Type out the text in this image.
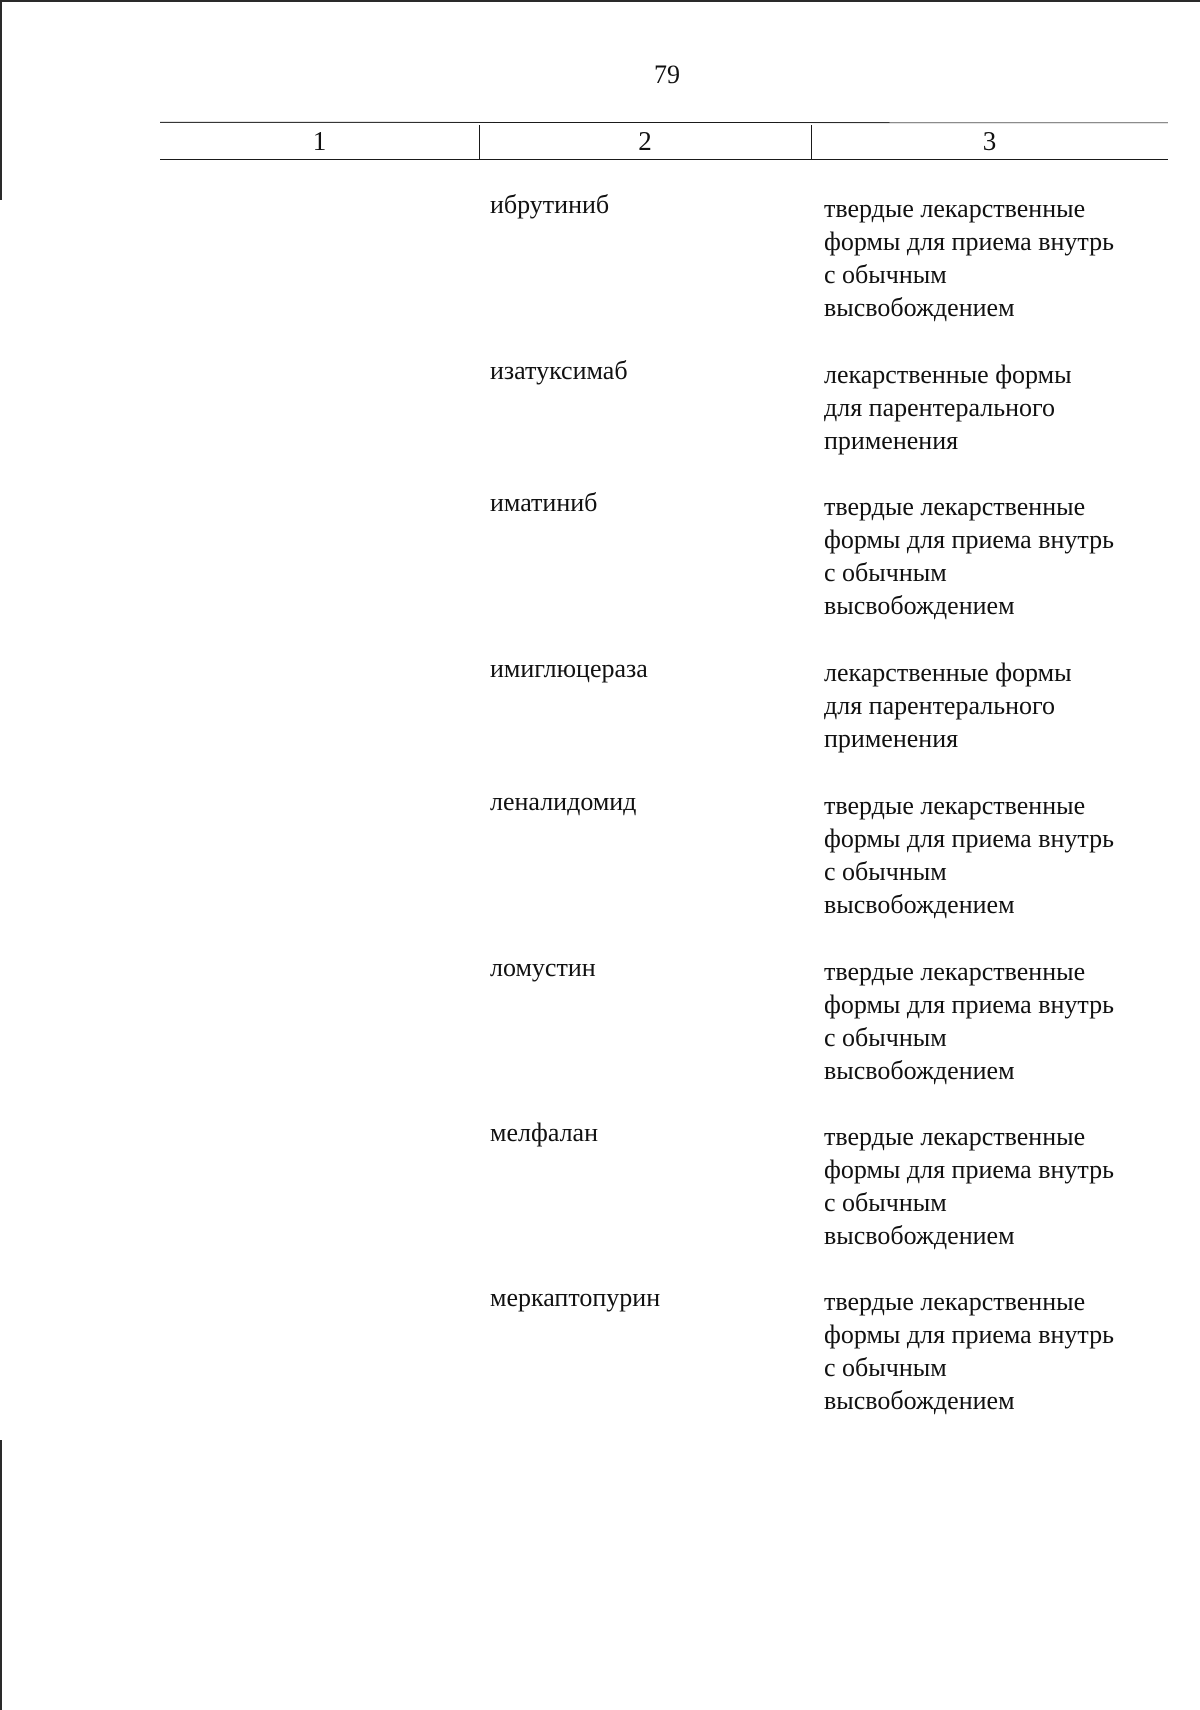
79
1	2	3
ибрутиниб	твердые лекарственные
формы для приема внутрь
с обычным
высвобождением
изатуксимаб	лекарственные формы
для парентерального
применения
иматиниб	твердые лекарственные
формы для приема внутрь
с обычным
высвобождением
имиглюцераза	лекарственные формы
для парентерального
применения
леналидомид	твердые лекарственные
формы для приема внутрь
с обычным
высвобождением
ломустин	твердые лекарственные
формы для приема внутрь
с обычным
высвобождением
мелфалан	твердые лекарственные
формы для приема внутрь
с обычным
высвобождением
меркаптопурин	твердые лекарственные
формы для приема внутрь
с обычным
высвобождением
